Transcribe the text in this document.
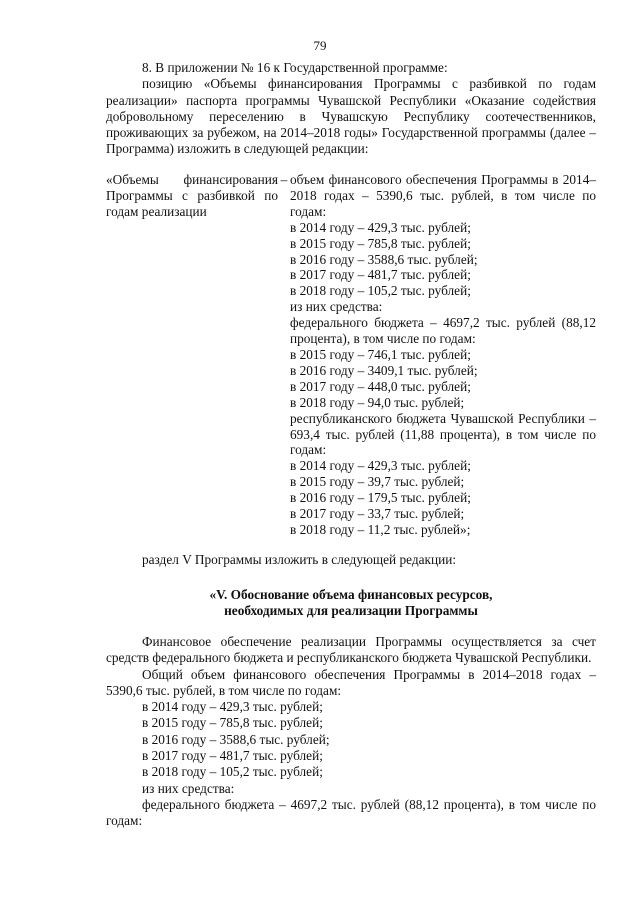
79

8. В приложении № 16 к Государственной программе:

позицию «Объемы финансирования Программы с разбивкой по годам реализации» паспорта программы Чувашской Республики «Оказание содействия добровольному переселению в Чувашскую Республику соотечественников, проживающих за рубежом, на 2014–2018 годы» Государственной программы (далее – Программа) изложить в следующей редакции:

«Объемы финансирования Программы с разбивкой по годам реализации
– объем финансового обеспечения Программы в 2014–2018 годах – 5390,6 тыс. рублей, в том числе по годам:

в 2014 году – 429,3 тыс. рублей;

в 2015 году – 785,8 тыс. рублей;

в 2016 году – 3588,6 тыс. рублей;

в 2017 году – 481,7 тыс. рублей;

в 2018 году – 105,2 тыс. рублей;

из них средства:

федерального бюджета – 4697,2 тыс. рублей (88,12 процента), в том числе по годам:

в 2015 году – 746,1 тыс. рублей;

в 2016 году – 3409,1 тыс. рублей;

в 2017 году – 448,0 тыс. рублей;

в 2018 году – 94,0 тыс. рублей;

республиканского бюджета Чувашской Республики – 693,4 тыс. рублей (11,88 процента), в том числе по годам:

в 2014 году – 429,3 тыс. рублей;

в 2015 году – 39,7 тыс. рублей;

в 2016 году – 179,5 тыс. рублей;

в 2017 году – 33,7 тыс. рублей;

в 2018 году – 11,2 тыс. рублей»;

раздел V Программы изложить в следующей редакции:

«V. Обоснование объема финансовых ресурсов,
необходимых для реализации Программы

Финансовое обеспечение реализации Программы осуществляется за счет средств федерального бюджета и республиканского бюджета Чувашской Республики.

Общий объем финансового обеспечения Программы в 2014–2018 годах – 5390,6 тыс. рублей, в том числе по годам:

в 2014 году – 429,3 тыс. рублей;

в 2015 году – 785,8 тыс. рублей;

в 2016 году – 3588,6 тыс. рублей;

в 2017 году – 481,7 тыс. рублей;

в 2018 году – 105,2 тыс. рублей;

из них средства:

федерального бюджета – 4697,2 тыс. рублей (88,12 процента), в том числе по годам:
